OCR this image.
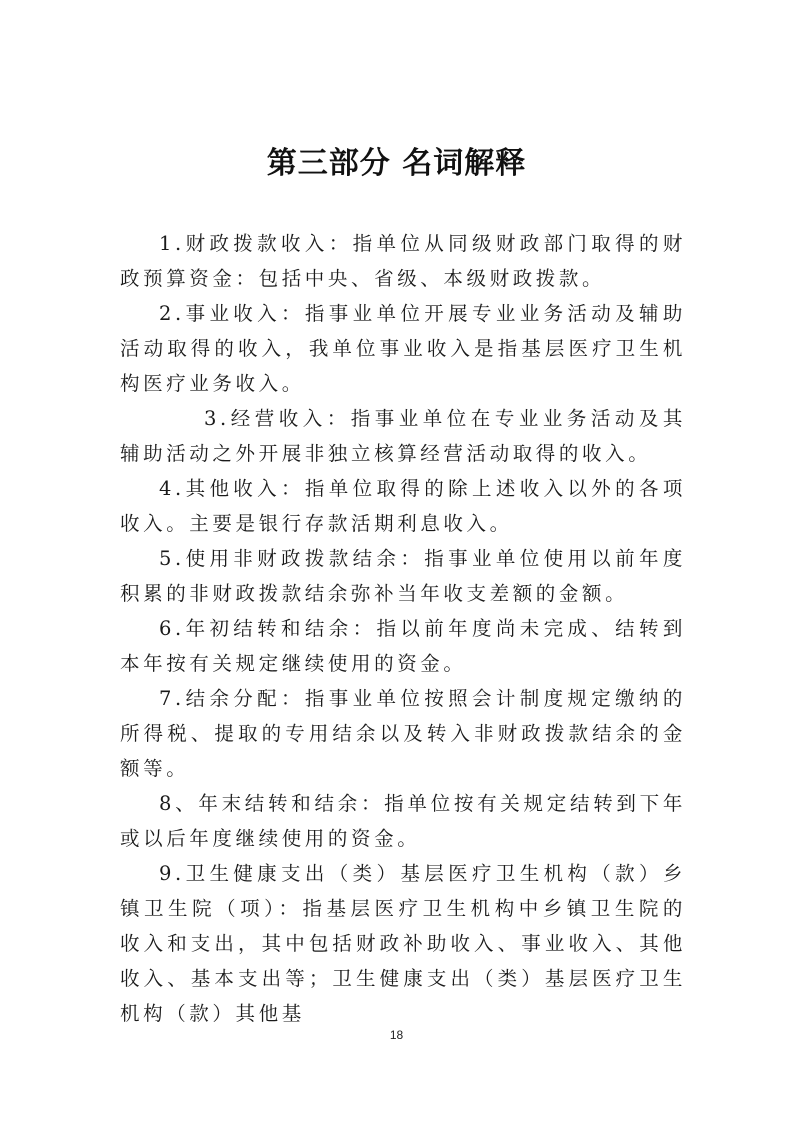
第三部分 名词解释

1.财政拨款收入：指单位从同级财政部门取得的财政预算资金：包括中央、省级、本级财政拨款。

2.事业收入：指事业单位开展专业业务活动及辅助活动取得的收入，我单位事业收入是指基层医疗卫生机构医疗业务收入。

3.经营收入：指事业单位在专业业务活动及其辅助活动之外开展非独立核算经营活动取得的收入。

4.其他收入：指单位取得的除上述收入以外的各项收入。主要是银行存款活期利息收入。

5.使用非财政拨款结余：指事业单位使用以前年度积累的非财政拨款结余弥补当年收支差额的金额。

6.年初结转和结余：指以前年度尚未完成、结转到本年按有关规定继续使用的资金。

7.结余分配：指事业单位按照会计制度规定缴纳的所得税、提取的专用结余以及转入非财政拨款结余的金额等。

8、年末结转和结余：指单位按有关规定结转到下年或以后年度继续使用的资金。

9.卫生健康支出（类）基层医疗卫生机构（款）乡镇卫生院（项）：指基层医疗卫生机构中乡镇卫生院的收入和支出，其中包括财政补助收入、事业收入、其他收入、基本支出等；卫生健康支出（类）基层医疗卫生机构（款）其他基

18
